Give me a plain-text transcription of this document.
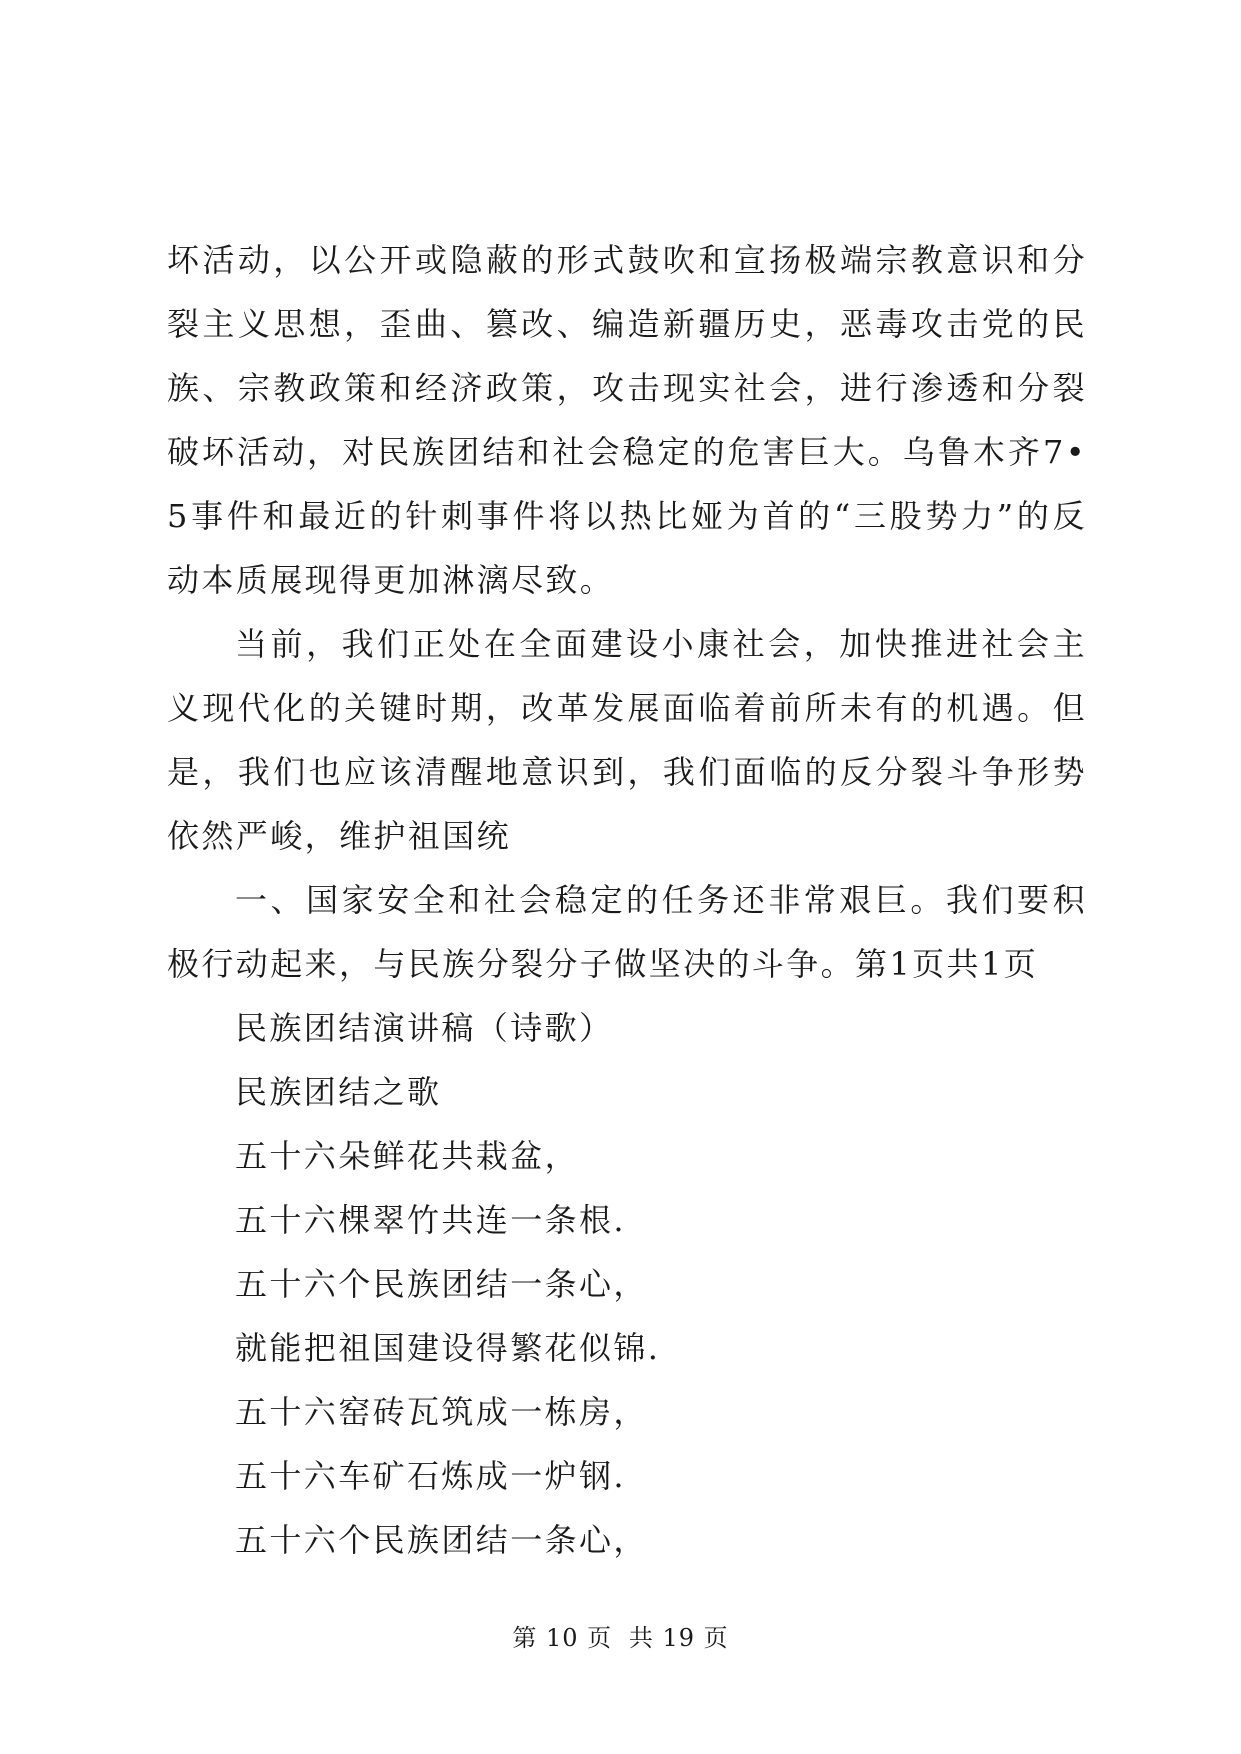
坏活动，以公开或隐蔽的形式鼓吹和宣扬极端宗教意识和分裂主义思想，歪曲、篡改、编造新疆历史，恶毒攻击党的民族、宗教政策和经济政策，攻击现实社会，进行渗透和分裂破坏活动，对民族团结和社会稳定的危害巨大。乌鲁木齐7•5事件和最近的针刺事件将以热比娅为首的“三股势力”的反动本质展现得更加淋漓尽致。

当前，我们正处在全面建设小康社会，加快推进社会主义现代化的关键时期，改革发展面临着前所未有的机遇。但是，我们也应该清醒地意识到，我们面临的反分裂斗争形势依然严峻，维护祖国统

一、国家安全和社会稳定的任务还非常艰巨。我们要积极行动起来，与民族分裂分子做坚决的斗争。第1页共1页

民族团结演讲稿（诗歌）

民族团结之歌

五十六朵鲜花共栽盆，

五十六棵翠竹共连一条根.

五十六个民族团结一条心，

就能把祖国建设得繁花似锦.

五十六窑砖瓦筑成一栋房，

五十六车矿石炼成一炉钢.

五十六个民族团结一条心，

第 10 页 共 19 页
